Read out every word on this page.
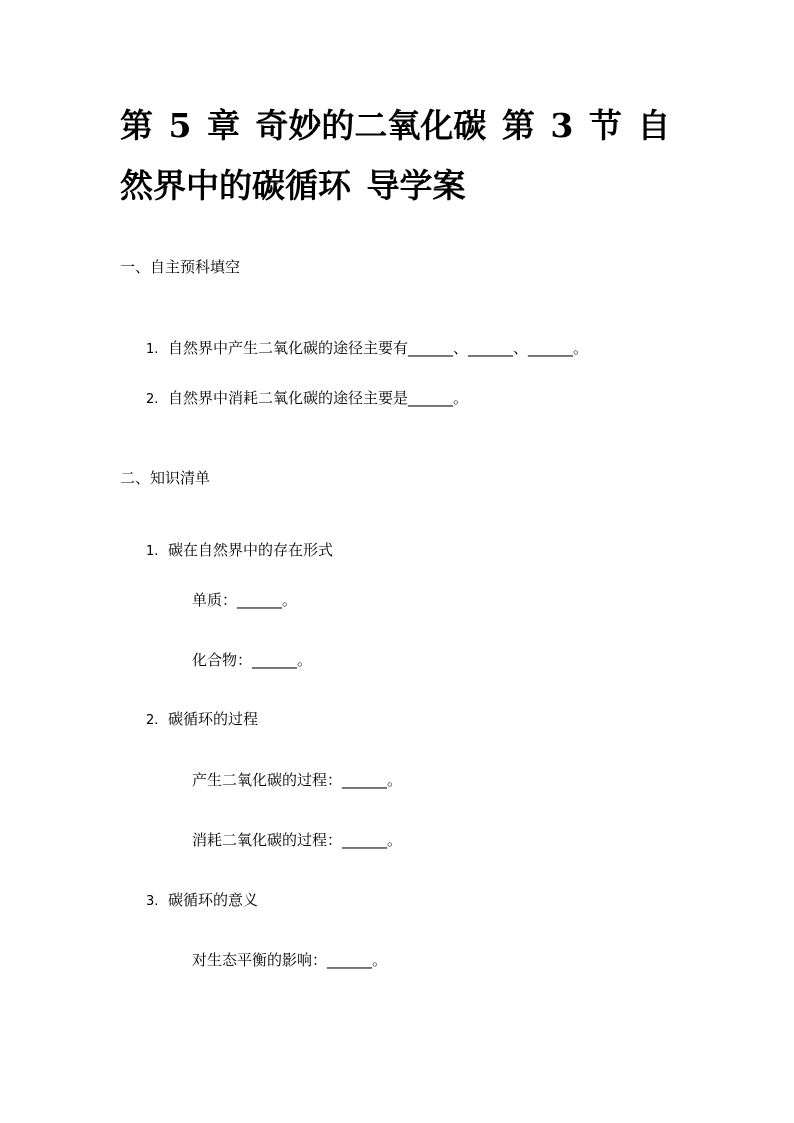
第 5 章 奇妙的二氧化碳 第 3 节 自
然界中的碳循环 导学案

一、自主预科填空

1. 自然界中产生二氧化碳的途径主要有______、______、______。

2. 自然界中消耗二氧化碳的途径主要是______。

二、知识清单

1. 碳在自然界中的存在形式

单质：______。

化合物：______。

2. 碳循环的过程

产生二氧化碳的过程：______。

消耗二氧化碳的过程：______。

3. 碳循环的意义

对生态平衡的影响：______。
